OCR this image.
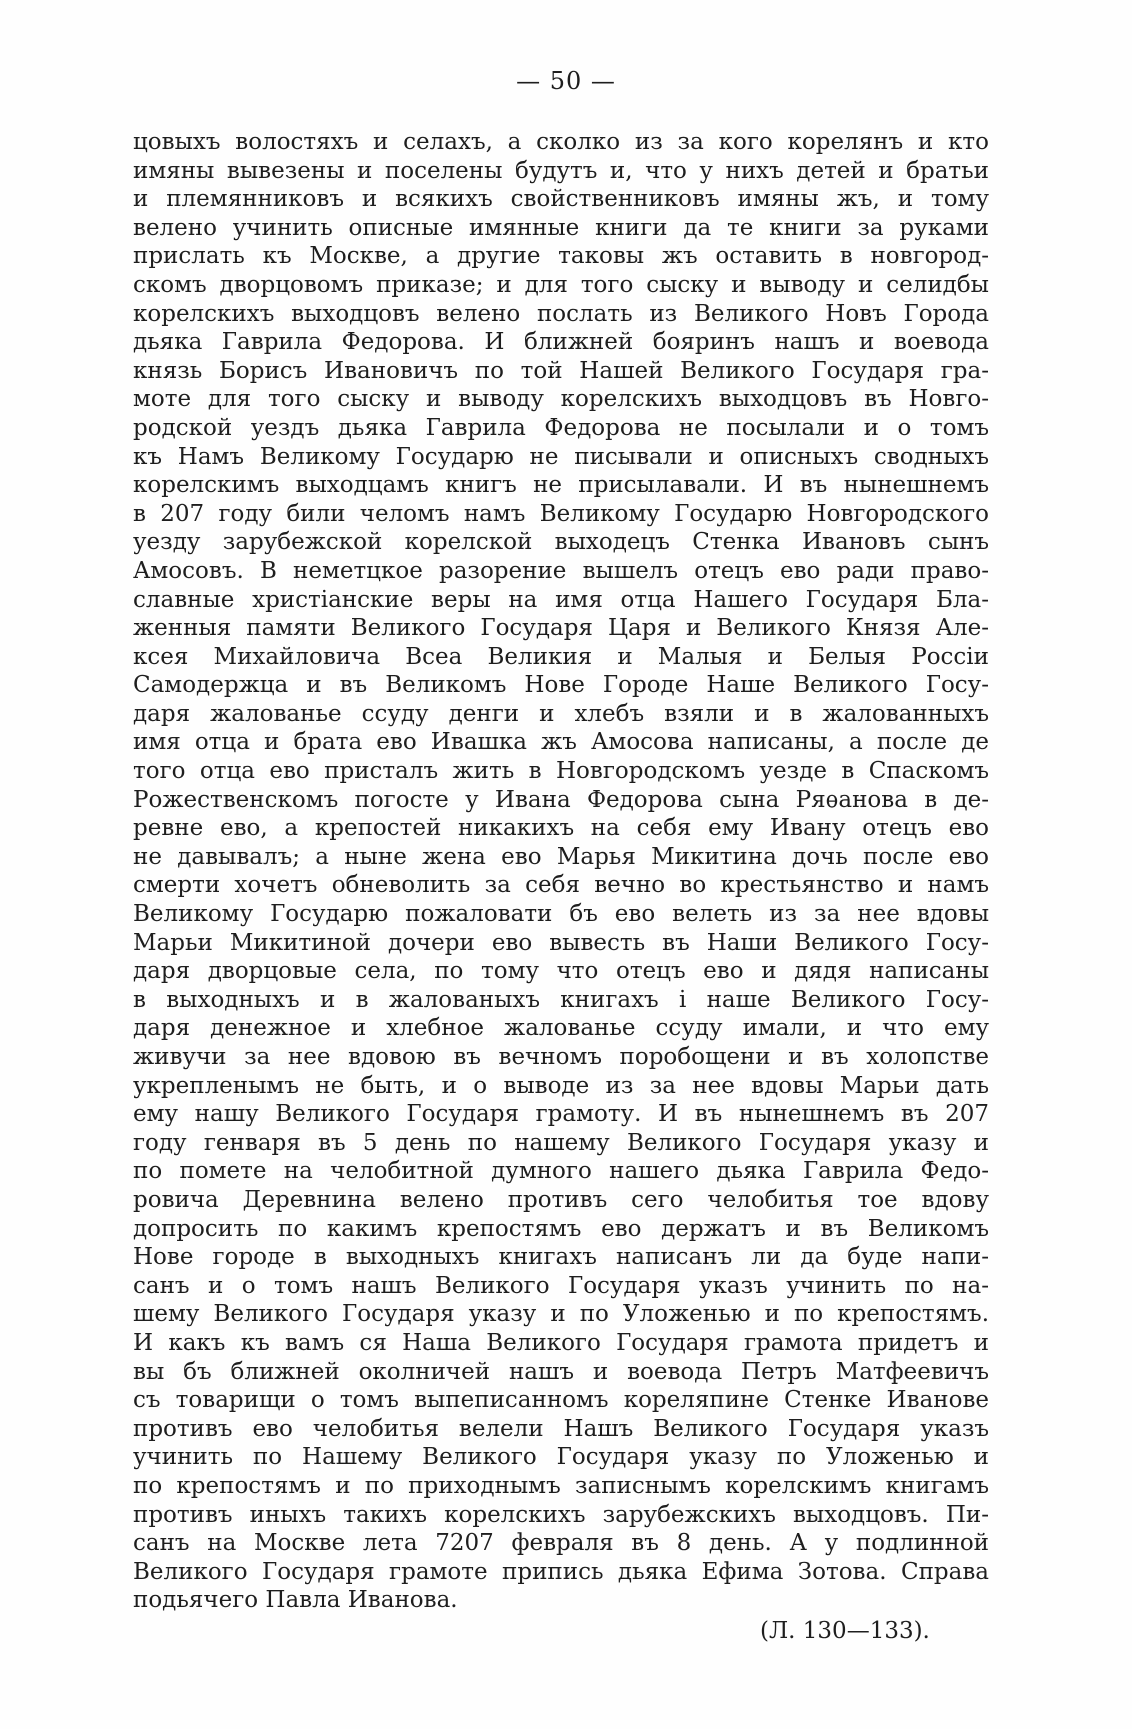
— 50 —
цовыхъ волостяхъ и селахъ, а сколко из за кого корелянъ и кто
имяны вывезены и поселены будутъ и, что у нихъ детей и братьи
и племянниковъ и всякихъ свойственниковъ имяны жъ, и тому
велено учинить описные имянные книги да те книги за руками
прислать къ Москве, а другие таковы жъ оставить в новгород-
скомъ дворцовомъ приказе; и для того сыску и выводу и селидбы
корелскихъ выходцовъ велено послать из Великого Новъ Города
дьяка Гаврила Федорова. И ближней бояринъ нашъ и воевода
князь Борисъ Ивановичъ по той Нашей Великого Государя гра-
моте для того сыску и выводу корелскихъ выходцовъ въ Новго-
родской уездъ дьяка Гаврила Федорова не посылали и о томъ
къ Намъ Великому Государю не писывали и описныхъ сводныхъ
корелскимъ выходцамъ книгъ не присылавали. И въ нынешнемъ
в 207 году били челомъ намъ Великому Государю Новгородского
уезду зарубежской корелской выходецъ Стенка Ивановъ сынъ
Амосовъ. В неметцкое разорение вышелъ отецъ ево ради право-
славные христіанские веры на имя отца Нашего Государя Бла-
женныя памяти Великого Государя Царя и Великого Князя Але-
ксея Михайловича Всеа Великия и Малыя и Белыя Россіи
Самодержца и въ Великомъ Нове Городе Наше Великого Госу-
даря жалованье ссуду денги и хлебъ взяли и в жалованныхъ
имя отца и брата ево Ивашка жъ Амосова написаны, а после де
того отца ево присталъ жить в Новгородскомъ уезде в Спаскомъ
Рожественскомъ погосте у Ивана Федорова сына Ряѳанова в де-
ревне ево, а крепостей никакихъ на себя ему Ивану отецъ ево
не давывалъ; а ныне жена ево Марья Микитина дочь после ево
смерти хочетъ обневолить за себя вечно во крестьянство и намъ
Великому Государю пожаловати бъ ево велеть из за нее вдовы
Марьи Микитиной дочери ево вывесть въ Наши Великого Госу-
даря дворцовые села, по тому что отецъ ево и дядя написаны
в выходныхъ и в жалованыхъ книгахъ і наше Великого Госу-
даря денежное и хлебное жалованье ссуду имали, и что ему
живучи за нее вдовою въ вечномъ поробощени и въ холопстве
укрепленымъ не быть, и о выводе из за нее вдовы Марьи дать
ему нашу Великого Государя грамоту. И въ нынешнемъ въ 207
году генваря въ 5 день по нашему Великого Государя указу и
по помете на челобитной думного нашего дьяка Гаврила Федо-
ровича Деревнина велено противъ сего челобитья тое вдову
допросить по какимъ крепостямъ ево держатъ и въ Великомъ
Нове городе в выходныхъ книгахъ написанъ ли да буде напи-
санъ и о томъ нашъ Великого Государя указъ учинить по на-
шему Великого Государя указу и по Уложенью и по крепостямъ.
И какъ къ вамъ ся Наша Великого Государя грамота придетъ и
вы бъ ближней околничей нашъ и воевода Петръ Матфеевичъ
съ товарищи о томъ выпеписанномъ кореляпине Стенке Иванове
противъ ево челобитья велели Нашъ Великого Государя указъ
учинить по Нашему Великого Государя указу по Уложенью и
по крепостямъ и по приходнымъ записнымъ корелскимъ книгамъ
противъ иныхъ такихъ корелскихъ зарубежскихъ выходцовъ. Пи-
санъ на Москве лета 7207 февраля въ 8 день. А у подлинной
Великого Государя грамоте припись дьяка Ефима Зотова. Справа
подьячего Павла Иванова.
(Л. 130—133).
